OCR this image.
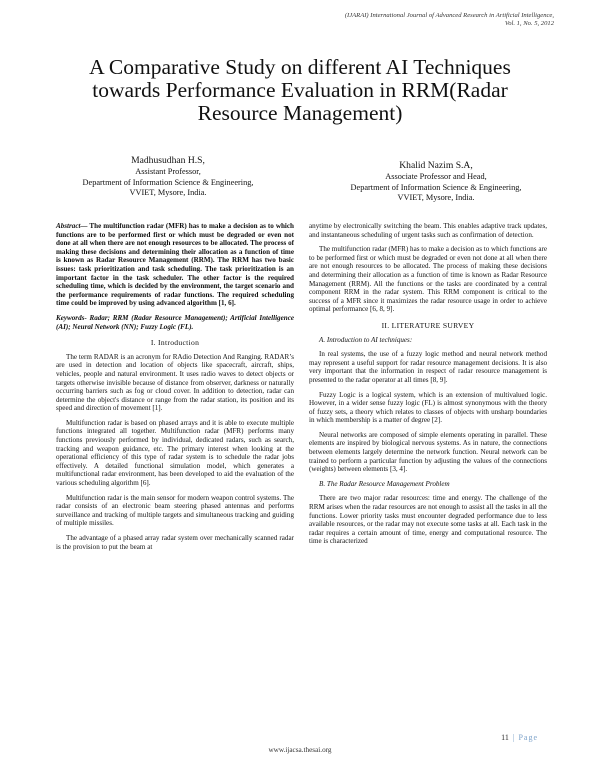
(IJARAI) International Journal of Advanced Research in Artificial Intelligence,
Vol. 1, No. 5, 2012
A Comparative Study on different AI Techniques
towards Performance Evaluation in RRM(Radar
Resource Management)
Madhusudhan H.S,
Assistant Professor,
Department of Information Science & Engineering,
VVIET, Mysore, India.
Khalid Nazim S.A,
Associate Professor and Head,
Department of Information Science & Engineering,
VVIET, Mysore, India.

Abstract— The multifunction radar (MFR) has to make a decision as to which functions are to be performed first or which must be degraded or even not done at all when there are not enough resources to be allocated. The process of making these decisions and determining their allocation as a function of time is known as Radar Resource Management (RRM). The RRM has two basic issues: task prioritization and task scheduling. The task prioritization is an important factor in the task scheduler. The other factor is the required scheduling time, which is decided by the environment, the target scenario and the performance requirements of radar functions. The required scheduling time could be improved by using advanced algorithm [1, 6].

Keywords- Radar; RRM (Radar Resource Management); Artificial Intelligence (AI); Neural Network (NN); Fuzzy Logic (FL).

I. Introduction

The term RADAR is an acronym for RAdio Detection And Ranging. RADAR’s are used in detection and location of objects like spacecraft, aircraft, ships, vehicles, people and natural environment. It uses radio waves to detect objects or targets otherwise invisible because of distance from observer, darkness or naturally occurring barriers such as fog or cloud cover. In addition to detection, radar can determine the object's distance or range from the radar station, its position and its speed and direction of movement [1].

Multifunction radar is based on phased arrays and it is able to execute multiple functions integrated all together. Multifunction radar (MFR) performs many functions previously performed by individual, dedicated radars, such as search, tracking and weapon guidance, etc. The primary interest when looking at the operational efficiency of this type of radar system is to schedule the radar jobs effectively. A detailed functional simulation model, which generates a multifunctional radar environment, has been developed to aid the evaluation of the various scheduling algorithm [6].

Multifunction radar is the main sensor for modern weapon control systems. The radar consists of an electronic beam steering phased antennas and performs surveillance and tracking of multiple targets and simultaneous tracking and guiding of multiple missiles.

The advantage of a phased array radar system over mechanically scanned radar is the provision to put the beam at

anytime by electronically switching the beam. This enables adaptive track updates, and instantaneous scheduling of urgent tasks such as confirmation of detection.

The multifunction radar (MFR) has to make a decision as to which functions are to be performed first or which must be degraded or even not done at all when there are not enough resources to be allocated. The process of making these decisions and determining their allocation as a function of time is known as Radar Resource Management (RRM). All the functions or the tasks are coordinated by a central component RRM in the radar system. This RRM component is critical to the success of a MFR since it maximizes the radar resource usage in order to achieve optimal performance [6, 8, 9].

II. LITERATURE SURVEY

A. Introduction to AI techniques:

In real systems, the use of a fuzzy logic method and neural network method may represent a useful support for radar resource management decisions. It is also very important that the information in respect of radar resource management is presented to the radar operator at all times [8, 9].

Fuzzy Logic is a logical system, which is an extension of multivalued logic. However, in a wider sense fuzzy logic (FL) is almost synonymous with the theory of fuzzy sets, a theory which relates to classes of objects with unsharp boundaries in which membership is a matter of degree [2].

Neural networks are composed of simple elements operating in parallel. These elements are inspired by biological nervous systems. As in nature, the connections between elements largely determine the network function. Neural network can be trained to perform a particular function by adjusting the values of the connections (weights) between elements [3, 4].

B. The Radar Resource Management Problem

There are two major radar resources: time and energy. The challenge of the RRM arises when the radar resources are not enough to assist all the tasks in all the functions. Lower priority tasks must encounter degraded performance due to less available resources, or the radar may not execute some tasks at all. Each task in the radar requires a certain amount of time, energy and computational resource. The time is characterized

11 | Page
www.ijacsa.thesai.org
